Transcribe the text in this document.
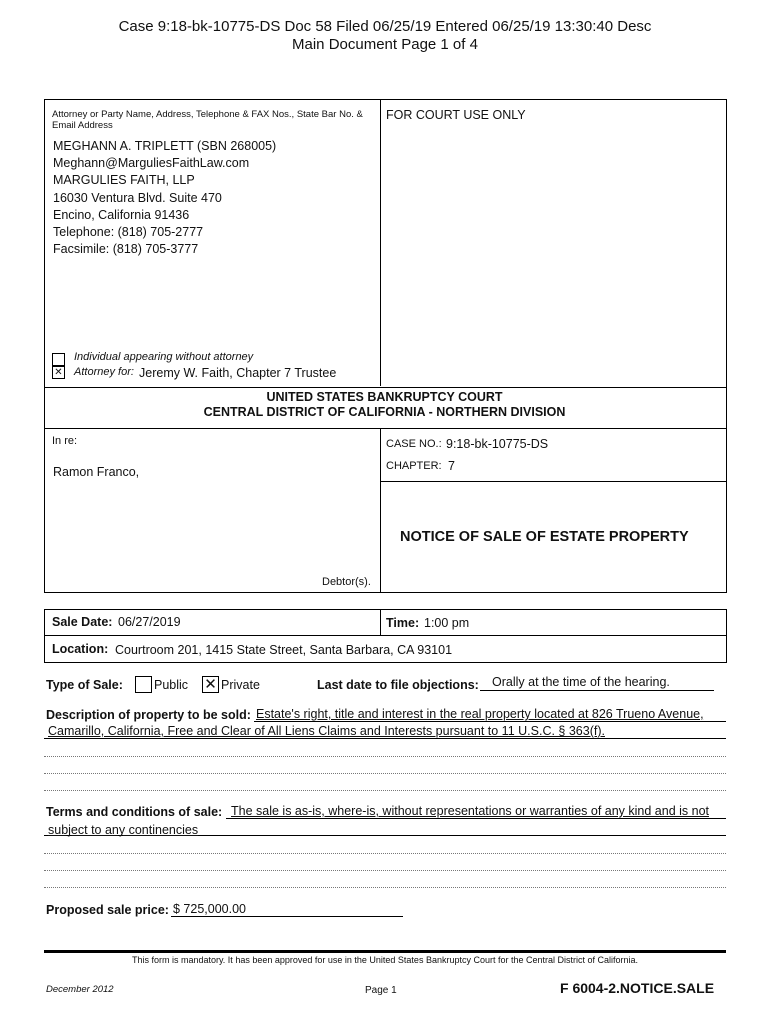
Case 9:18-bk-10775-DS Doc 58 Filed 06/25/19 Entered 06/25/19 13:30:40 Desc
Main Document Page 1 of 4
Attorney or Party Name, Address, Telephone & FAX Nos., State Bar No. & Email Address
FOR COURT USE ONLY
MEGHANN A. TRIPLETT (SBN 268005)
Meghann@MarguliesFaithLaw.com
MARGULIES FAITH, LLP
16030 Ventura Blvd. Suite 470
Encino, California 91436
Telephone: (818) 705-2777
Facsimile: (818) 705-3777
Individual appearing without attorney
✕ Attorney for: Jeremy W. Faith, Chapter 7 Trustee
UNITED STATES BANKRUPTCY COURT
CENTRAL DISTRICT OF CALIFORNIA - NORTHERN DIVISION
In re:
Ramon Franco,
Debtor(s).
CASE NO.: 9:18-bk-10775-DS
CHAPTER: 7
NOTICE OF SALE OF ESTATE PROPERTY
Sale Date: 06/27/2019	Time: 1:00 pm
Location: Courtroom 201, 1415 State Street, Santa Barbara, CA 93101
Type of Sale: Public ✕ Private	Last date to file objections: Orally at the time of the hearing.
Description of property to be sold: Estate's right, title and interest in the real property located at 826 Trueno Avenue,
Camarillo, California, Free and Clear of All Liens Claims and Interests pursuant to 11 U.S.C. § 363(f).
Terms and conditions of sale: The sale is as-is, where-is, without representations or warranties of any kind and is not
subject to any continencies
Proposed sale price: $ 725,000.00
This form is mandatory. It has been approved for use in the United States Bankruptcy Court for the Central District of California.
December 2012	Page 1	F 6004-2.NOTICE.SALE
